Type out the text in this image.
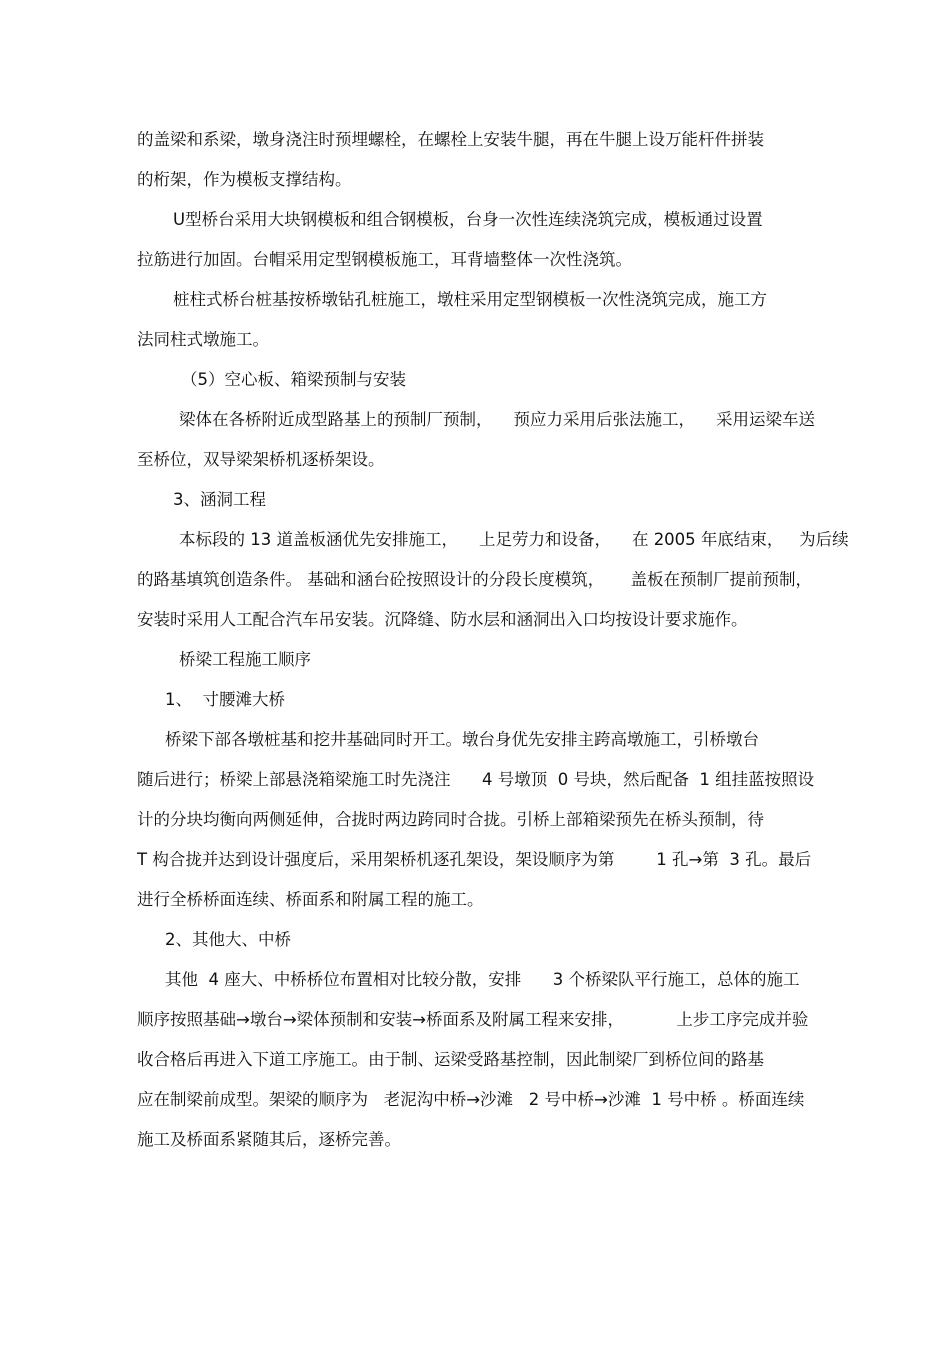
的盖梁和系梁，墩身浇注时预埋螺栓，在螺栓上安装牛腿，再在牛腿上设万能杆件拼装
的桁架，作为模板支撑结构。
U型桥台采用大块钢模板和组合钢模板，台身一次性连续浇筑完成，模板通过设置
拉筋进行加固。台帽采用定型钢模板施工，耳背墙整体一次性浇筑。
桩柱式桥台桩基按桥墩钻孔桩施工，墩柱采用定型钢模板一次性浇筑完成，施工方
法同柱式墩施工。
（5）空心板、箱梁预制与安装
梁体在各桥附近成型路基上的预制厂预制，    预应力采用后张法施工，    采用运梁车送
至桥位，双导梁架桥机逐桥架设。
3、涵洞工程
本标段的 13 道盖板涵优先安排施工，    上足劳力和设备，    在 2005 年底结束，   为后续
的路基填筑创造条件。 基础和涵台砼按照设计的分段长度模筑，     盖板在预制厂提前预制，
安装时采用人工配合汽车吊安装。沉降缝、防水层和涵洞出入口均按设计要求施作。
桥梁工程施工顺序
1、  寸腰滩大桥
桥梁下部各墩桩基和挖井基础同时开工。墩台身优先安排主跨高墩施工，引桥墩台
随后进行；桥梁上部悬浇箱梁施工时先浇注      4 号墩顶  0 号块，然后配备  1 组挂蓝按照设
计的分块均衡向两侧延伸，合拢时两边跨同时合拢。引桥上部箱梁预先在桥头预制，待
T 构合拢并达到设计强度后，采用架桥机逐孔架设，架设顺序为第        1 孔→第  3 孔。最后
进行全桥桥面连续、桥面系和附属工程的施工。
2、其他大、中桥
其他  4 座大、中桥桥位布置相对比较分散，安排      3 个桥梁队平行施工，总体的施工
顺序按照基础→墩台→梁体预制和安装→桥面系及附属工程来安排，          上步工序完成并验
收合格后再进入下道工序施工。由于制、运梁受路基控制，因此制梁厂到桥位间的路基
应在制梁前成型。架梁的顺序为   老泥沟中桥→沙滩   2 号中桥→沙滩  1 号中桥 。桥面连续
施工及桥面系紧随其后，逐桥完善。
